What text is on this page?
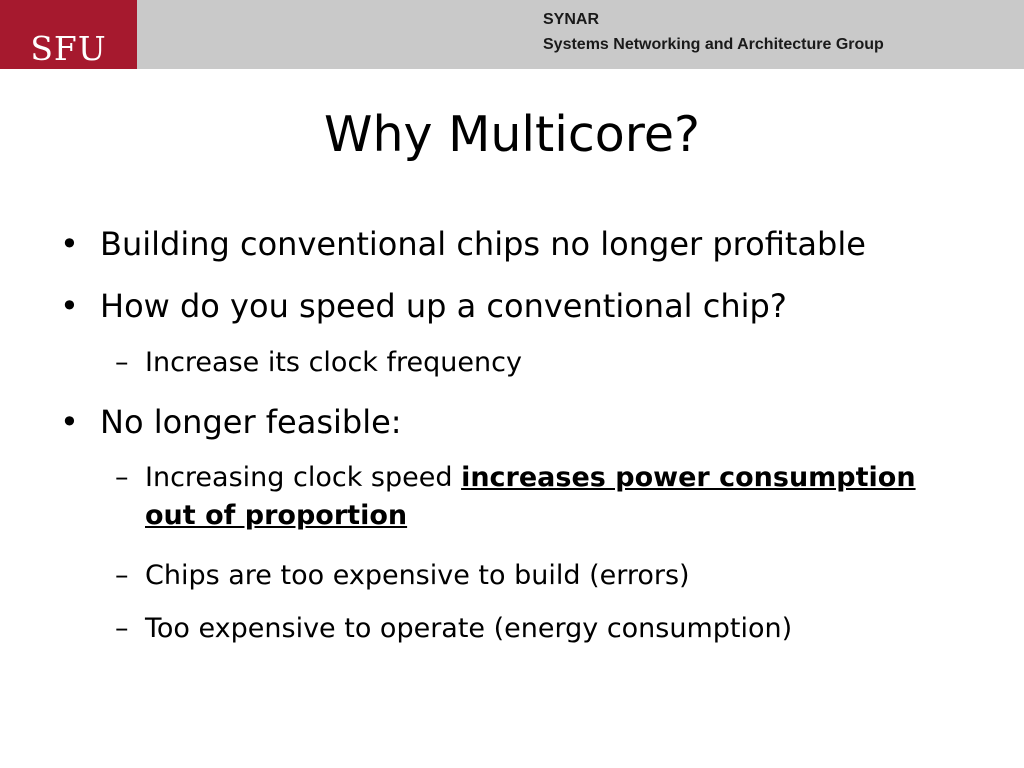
SFU
SYNAR
Systems Networking and Architecture Group
Why Multicore?
• Building conventional chips no longer profitable
• How do you speed up a conventional chip?
– Increase its clock frequency
• No longer feasible:
– Increasing clock speed increases power consumption out of proportion
– Chips are too expensive to build (errors)
– Too expensive to operate (energy consumption)
